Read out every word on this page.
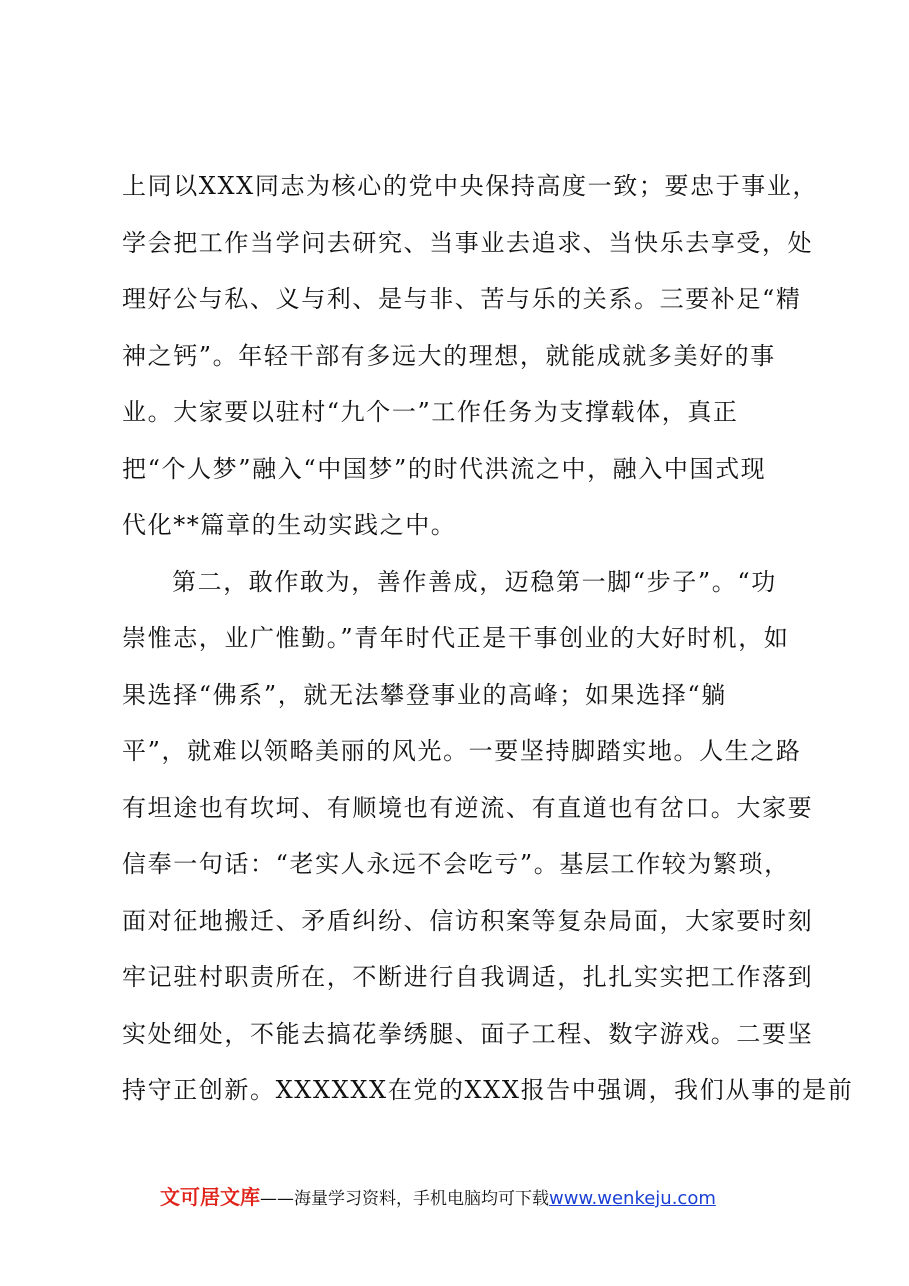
上同以XXX同志为核心的党中央保持高度一致；要忠于事业，
学会把工作当学问去研究、当事业去追求、当快乐去享受，处
理好公与私、义与利、是与非、苦与乐的关系。三要补足“精
神之钙”。年轻干部有多远大的理想，就能成就多美好的事
业。大家要以驻村“九个一”工作任务为支撑载体，真正
把“个人梦”融入“中国梦”的时代洪流之中，融入中国式现
代化**篇章的生动实践之中。
第二，敢作敢为，善作善成，迈稳第一脚“步子”。“功
崇惟志，业广惟勤。”青年时代正是干事创业的大好时机，如
果选择“佛系”，就无法攀登事业的高峰；如果选择“躺
平”，就难以领略美丽的风光。一要坚持脚踏实地。人生之路
有坦途也有坎坷、有顺境也有逆流、有直道也有岔口。大家要
信奉一句话：“老实人永远不会吃亏”。基层工作较为繁琐，
面对征地搬迁、矛盾纠纷、信访积案等复杂局面，大家要时刻
牢记驻村职责所在，不断进行自我调适，扎扎实实把工作落到
实处细处，不能去搞花拳绣腿、面子工程、数字游戏。二要坚
持守正创新。XXXXXX在党的XXX报告中强调，我们从事的是前
文可居文库——海量学习资料，手机电脑均可下载www.wenkeju.com
